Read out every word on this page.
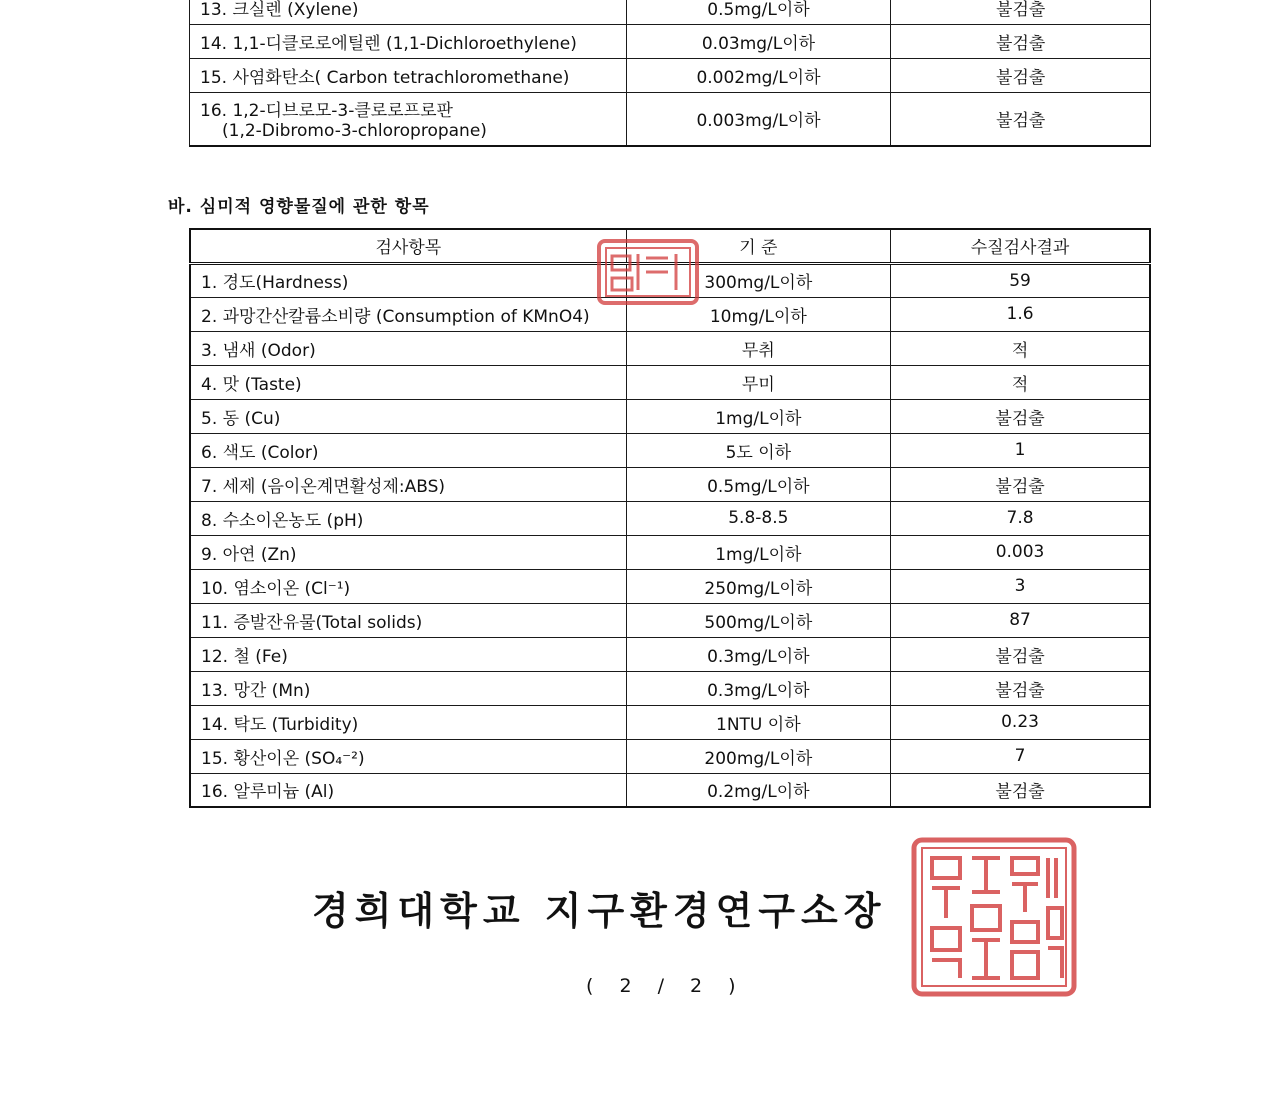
13. 크실렌 (Xylene)	0.5mg/L이하	불검출
14. 1,1-디클로로에틸렌 (1,1-Dichloroethylene)	0.03mg/L이하	불검출
15. 사염화탄소( Carbon tetrachloromethane)	0.002mg/L이하	불검출
16. 1,2-디브로모-3-클로로프로판
(1,2-Dibromo-3-chloropropane)	0.003mg/L이하	불검출
바. 심미적 영향물질에 관한 항목
검사항목	기 준	수질검사결과
1. 경도(Hardness)	300mg/L이하	59
2. 과망간산칼륨소비량 (Consumption of KMnO4)	10mg/L이하	1.6
3. 냄새 (Odor)	무취	적
4. 맛 (Taste)	무미	적
5. 동 (Cu)	1mg/L이하	불검출
6. 색도 (Color)	5도 이하	1
7. 세제 (음이온계면활성제:ABS)	0.5mg/L이하	불검출
8. 수소이온농도 (pH)	5.8-8.5	7.8
9. 아연 (Zn)	1mg/L이하	0.003
10. 염소이온 (Cl⁻¹)	250mg/L이하	3
11. 증발잔유물(Total solids)	500mg/L이하	87
12. 철 (Fe)	0.3mg/L이하	불검출
13. 망간 (Mn)	0.3mg/L이하	불검출
14. 탁도 (Turbidity)	1NTU 이하	0.23
15. 황산이온 (SO₄⁻²)	200mg/L이하	7
16. 알루미늄 (Al)	0.2mg/L이하	불검출
경희대학교 지구환경연구소장
( 2 / 2 )
